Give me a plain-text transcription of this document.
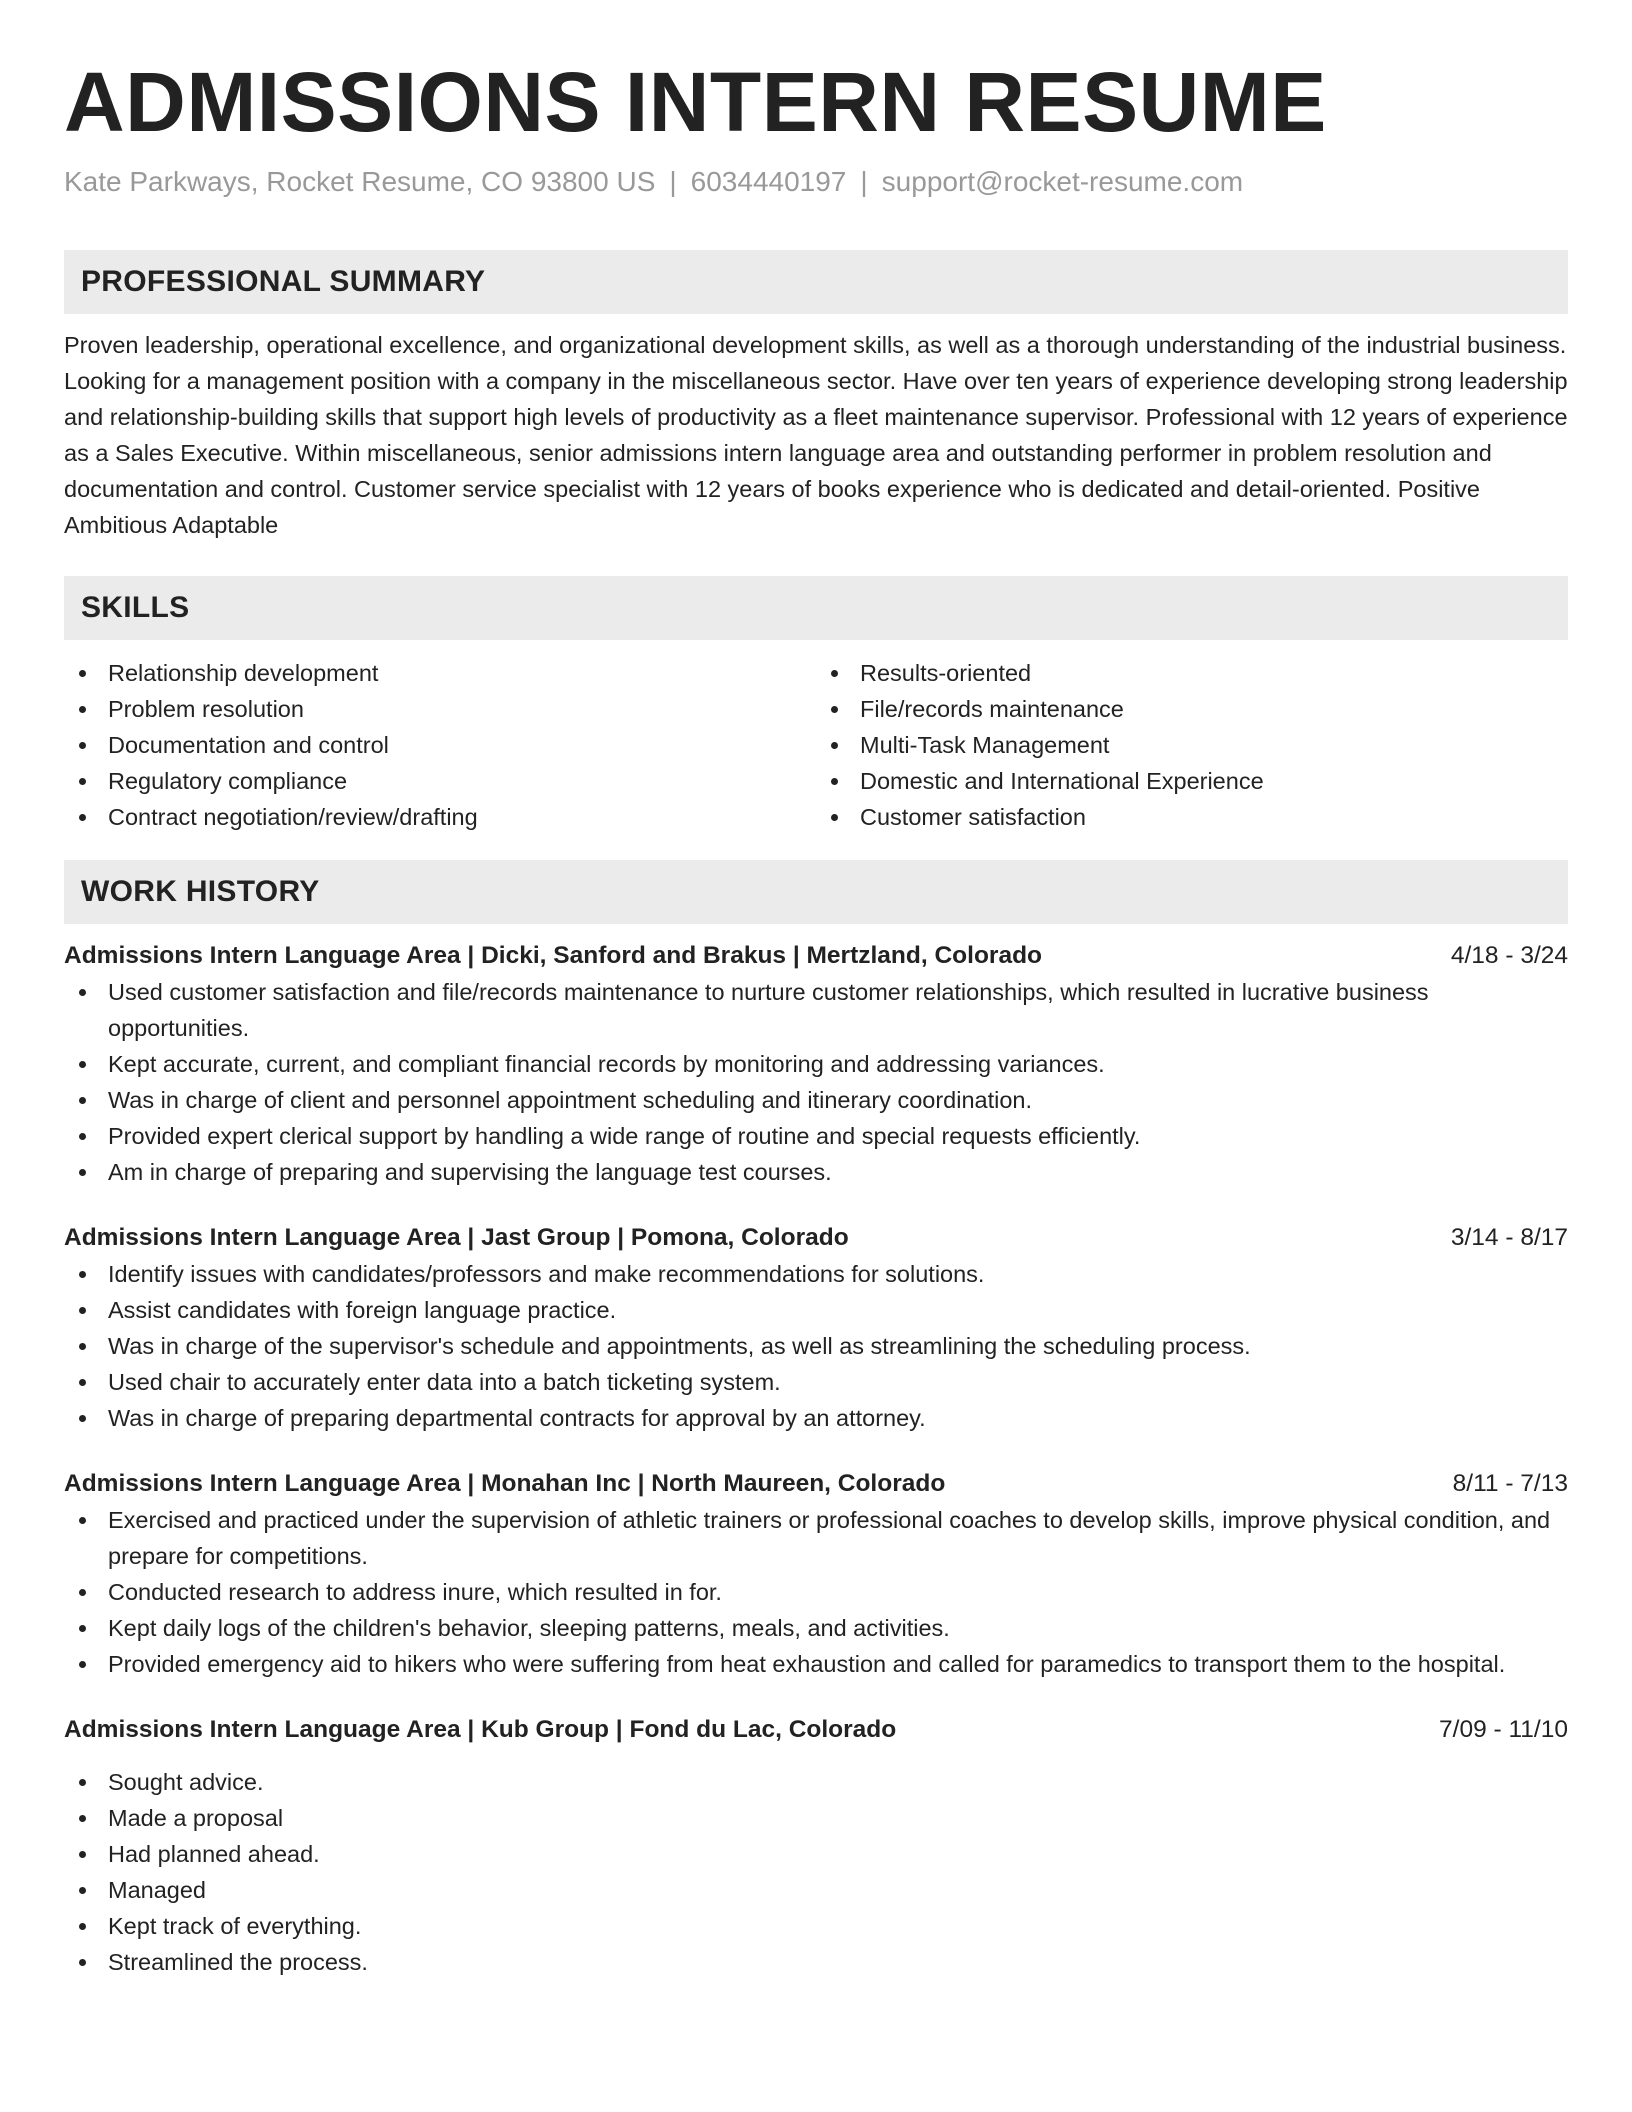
ADMISSIONS INTERN RESUME
Kate Parkways, Rocket Resume, CO 93800 US | 6034440197 | support@rocket-resume.com
PROFESSIONAL SUMMARY
Proven leadership, operational excellence, and organizational development skills, as well as a thorough understanding of the industrial business. Looking for a management position with a company in the miscellaneous sector. Have over ten years of experience developing strong leadership and relationship-building skills that support high levels of productivity as a fleet maintenance supervisor. Professional with 12 years of experience as a Sales Executive. Within miscellaneous, senior admissions intern language area and outstanding performer in problem resolution and documentation and control. Customer service specialist with 12 years of books experience who is dedicated and detail-oriented. Positive Ambitious Adaptable
SKILLS
Relationship development
Problem resolution
Documentation and control
Regulatory compliance
Contract negotiation/review/drafting
Results-oriented
File/records maintenance
Multi-Task Management
Domestic and International Experience
Customer satisfaction
WORK HISTORY
Admissions Intern Language Area | Dicki, Sanford and Brakus | Mertzland, Colorado	4/18 - 3/24
Used customer satisfaction and file/records maintenance to nurture customer relationships, which resulted in lucrative business opportunities.
Kept accurate, current, and compliant financial records by monitoring and addressing variances.
Was in charge of client and personnel appointment scheduling and itinerary coordination.
Provided expert clerical support by handling a wide range of routine and special requests efficiently.
Am in charge of preparing and supervising the language test courses.
Admissions Intern Language Area | Jast Group | Pomona, Colorado	3/14 - 8/17
Identify issues with candidates/professors and make recommendations for solutions.
Assist candidates with foreign language practice.
Was in charge of the supervisor's schedule and appointments, as well as streamlining the scheduling process.
Used chair to accurately enter data into a batch ticketing system.
Was in charge of preparing departmental contracts for approval by an attorney.
Admissions Intern Language Area | Monahan Inc | North Maureen, Colorado	8/11 - 7/13
Exercised and practiced under the supervision of athletic trainers or professional coaches to develop skills, improve physical condition, and prepare for competitions.
Conducted research to address inure, which resulted in for.
Kept daily logs of the children's behavior, sleeping patterns, meals, and activities.
Provided emergency aid to hikers who were suffering from heat exhaustion and called for paramedics to transport them to the hospital.
Admissions Intern Language Area | Kub Group | Fond du Lac, Colorado	7/09 - 11/10
Sought advice.
Made a proposal
Had planned ahead.
Managed
Kept track of everything.
Streamlined the process.
